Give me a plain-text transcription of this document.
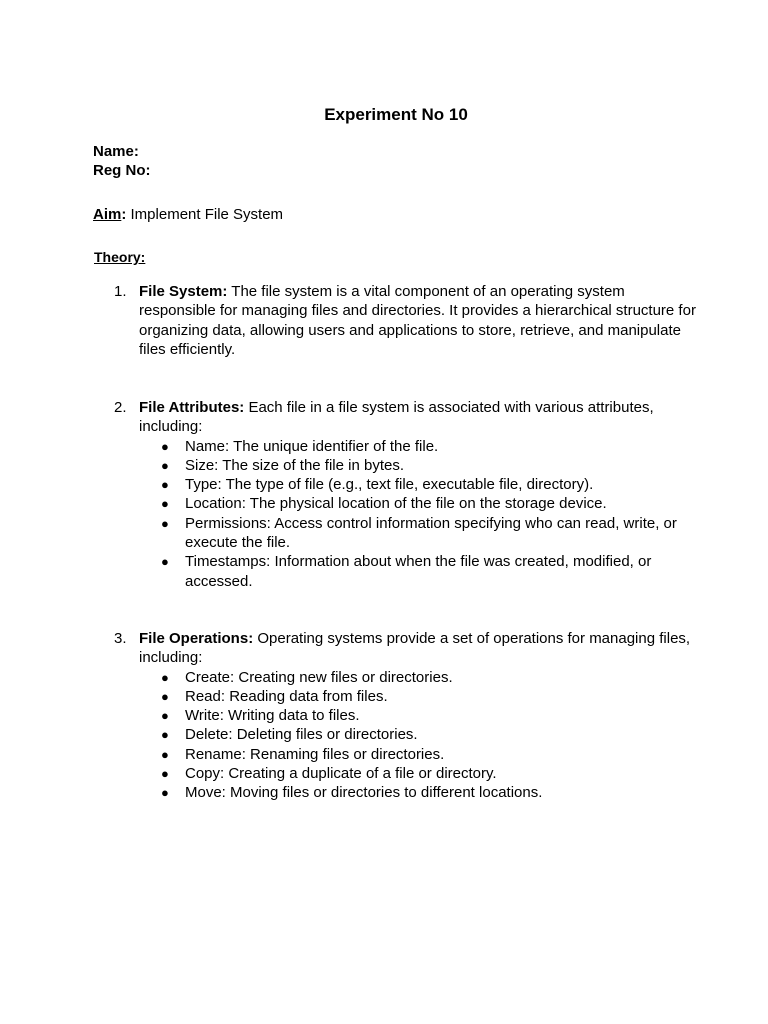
Experiment No 10
Name:
Reg No:
Aim: Implement File System
Theory:
1. File System: The file system is a vital component of an operating system responsible for managing files and directories. It provides a hierarchical structure for organizing data, allowing users and applications to store, retrieve, and manipulate files efficiently.
2. File Attributes: Each file in a file system is associated with various attributes, including:
● Name: The unique identifier of the file.
● Size: The size of the file in bytes.
● Type: The type of file (e.g., text file, executable file, directory).
● Location: The physical location of the file on the storage device.
● Permissions: Access control information specifying who can read, write, or execute the file.
● Timestamps: Information about when the file was created, modified, or accessed.
3. File Operations: Operating systems provide a set of operations for managing files, including:
● Create: Creating new files or directories.
● Read: Reading data from files.
● Write: Writing data to files.
● Delete: Deleting files or directories.
● Rename: Renaming files or directories.
● Copy: Creating a duplicate of a file or directory.
● Move: Moving files or directories to different locations.
